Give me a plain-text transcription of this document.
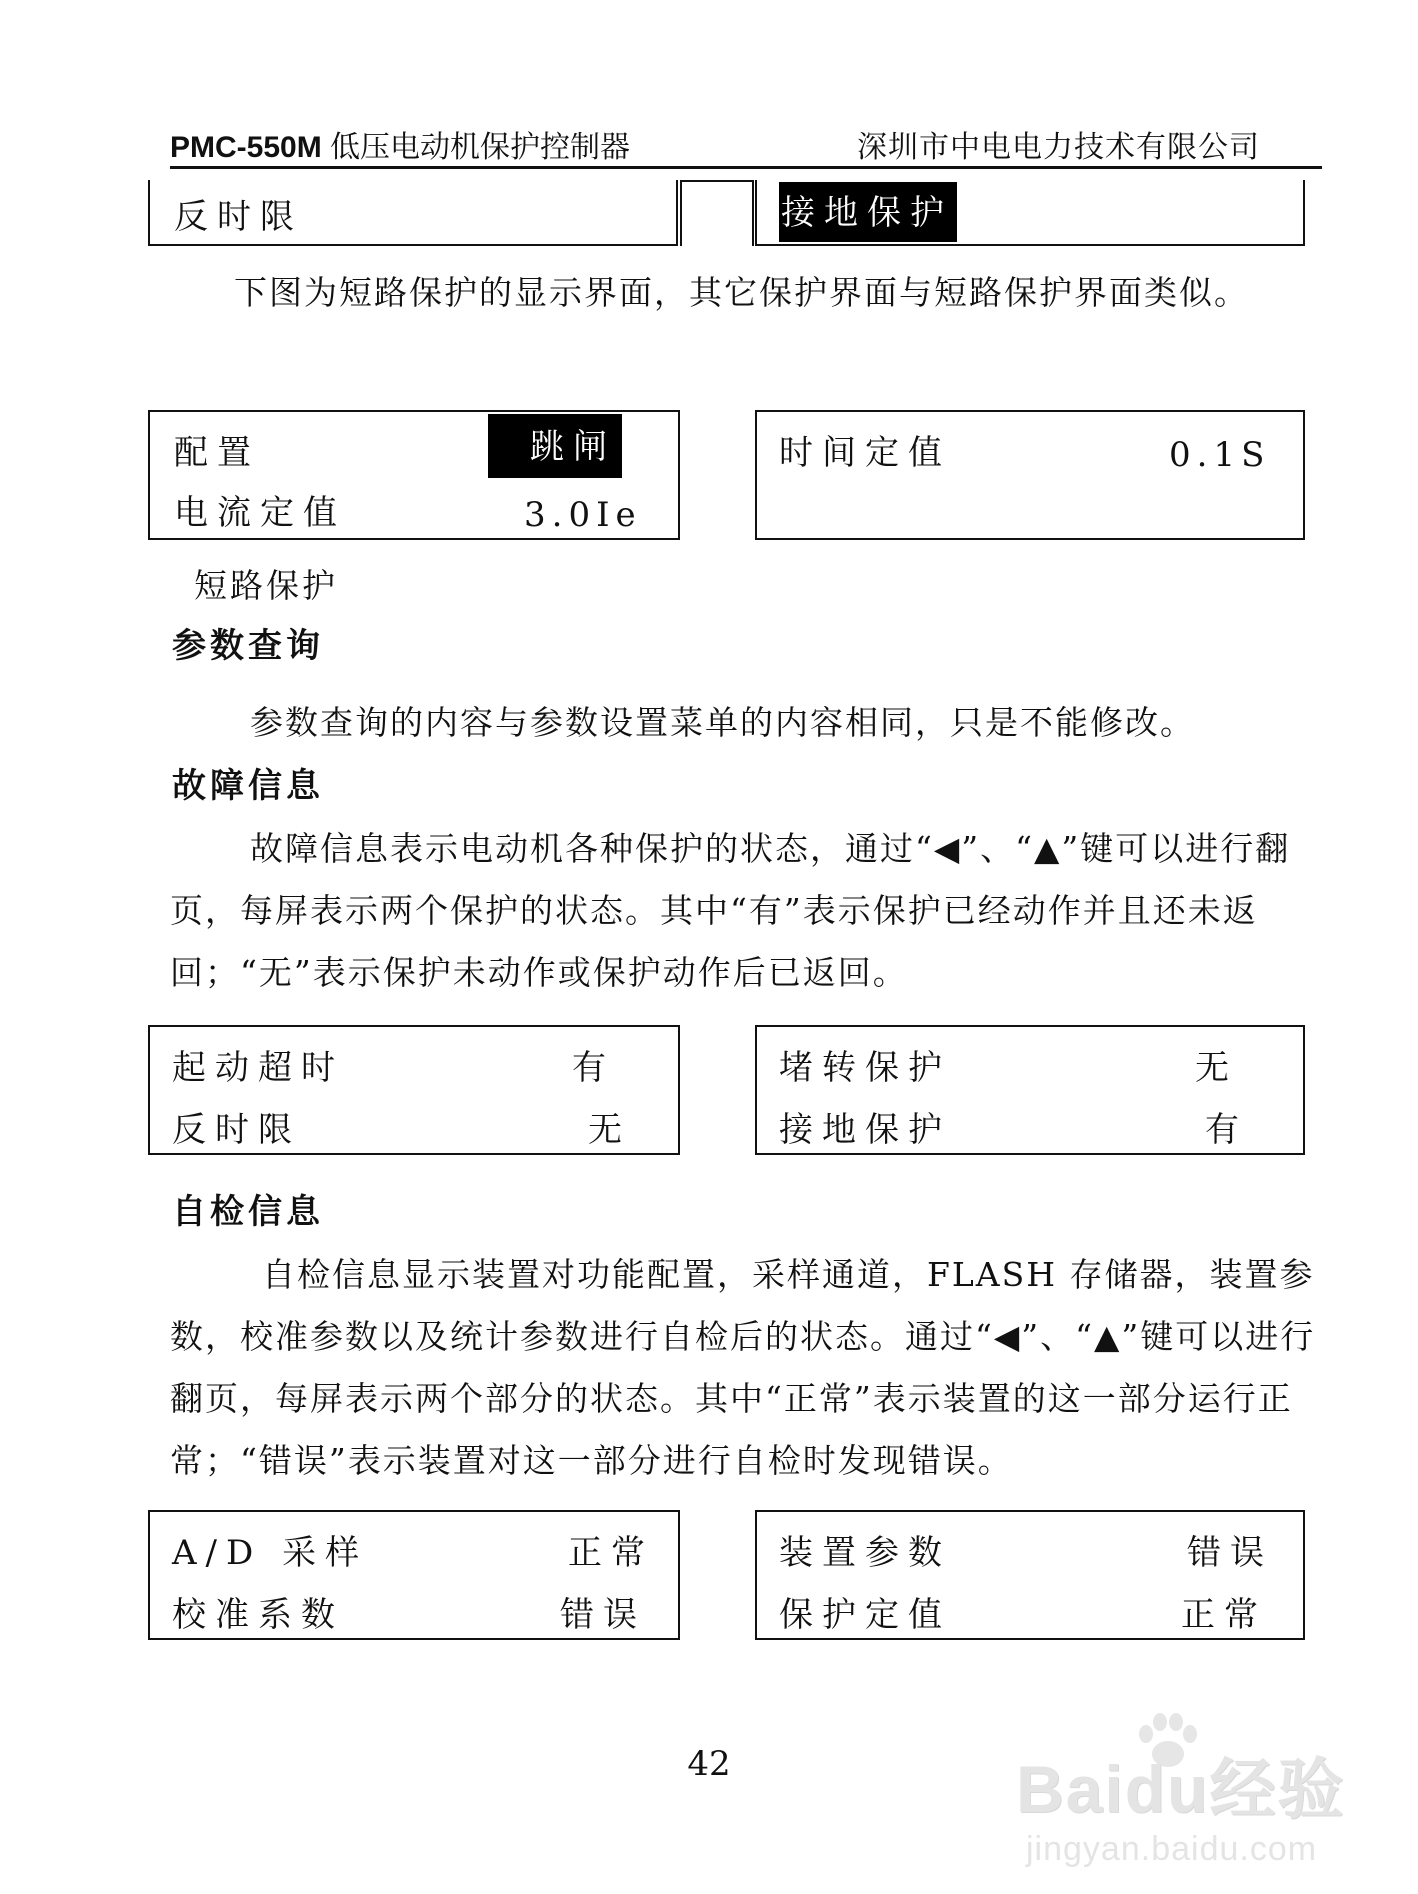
PMC-550M 低压电动机保护控制器	深圳市中电电力技术有限公司
反时限	接地保护
下图为短路保护的显示界面，其它保护界面与短路保护界面类似。
配置	跳闸
电流定值	3.0Ie
时间定值	0.1S
短路保护
参数查询
参数查询的内容与参数设置菜单的内容相同，只是不能修改。
故障信息
故障信息表示电动机各种保护的状态，通过“◀”、“▲”键可以进行翻页，每屏表示两个保护的状态。其中“有”表示保护已经动作并且还未返回；“无”表示保护未动作或保护动作后已返回。
起动超时	有
反时限	无
堵转保护	无
接地保护	有
自检信息
自检信息显示装置对功能配置，采样通道，FLASH 存储器，装置参数，校准参数以及统计参数进行自检后的状态。通过“◀”、“▲”键可以进行翻页，每屏表示两个部分的状态。其中“正常”表示装置的这一部分运行正常；“错误”表示装置对这一部分进行自检时发现错误。
A/D 采样	正常
校准系数	错误
装置参数	错误
保护定值	正常
42	Baidu经验
jingyan.baidu.com
